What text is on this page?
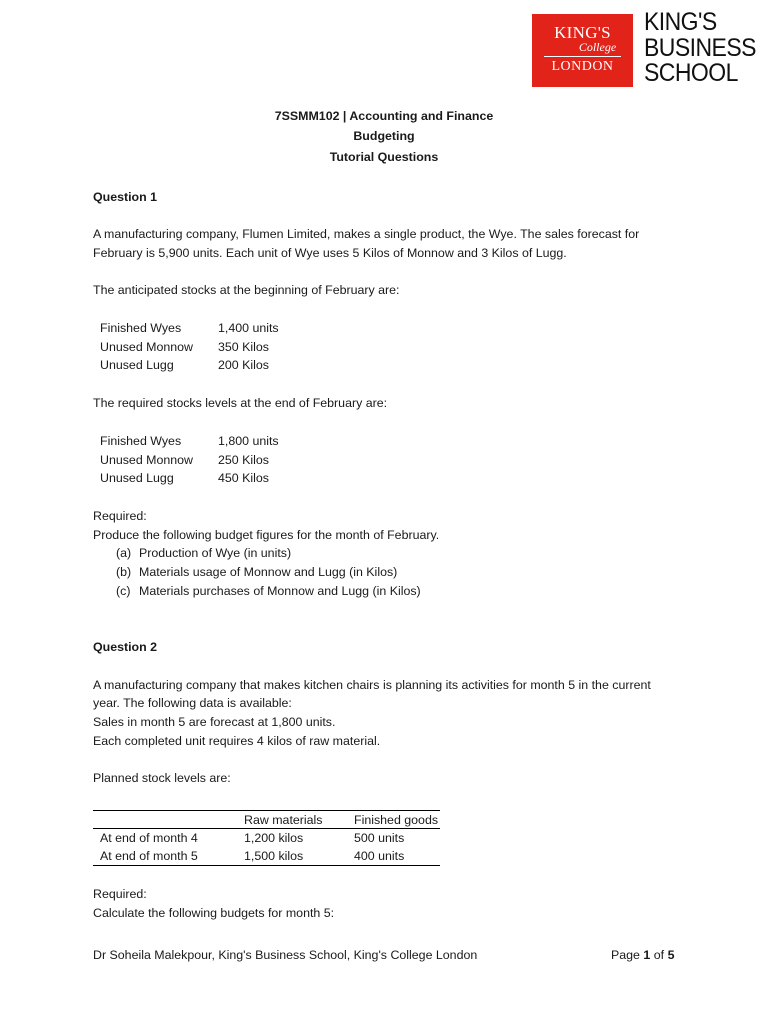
KING'S
College
LONDON
KING'S
BUSINESS
SCHOOL
7SSMM102 | Accounting and Finance
Budgeting
Tutorial Questions
Question 1
A manufacturing company, Flumen Limited, makes a single product, the Wye. The sales forecast for
February is 5,900 units. Each unit of Wye uses 5 Kilos of Monnow and 3 Kilos of Lugg.
The anticipated stocks at the beginning of February are:
Finished Wyes	1,400 units
Unused Monnow 350 Kilos
Unused Lugg	200 Kilos
The required stocks levels at the end of February are:
Finished Wyes	1,800 units
Unused Monnow 250 Kilos
Unused Lugg	450 Kilos
Required:
Produce the following budget figures for the month of February.
(a) Production of Wye (in units)
(b) Materials usage of Monnow and Lugg (in Kilos)
(c) Materials purchases of Monnow and Lugg (in Kilos)
Question 2
A manufacturing company that makes kitchen chairs is planning its activities for month 5 in the current
year. The following data is available:
Sales in month 5 are forecast at 1,800 units.
Each completed unit requires 4 kilos of raw material.
Planned stock levels are:
	Raw materials	Finished goods
At end of month 4	1,200 kilos	500 units
At end of month 5	1,500 kilos	400 units
Required:
Calculate the following budgets for month 5:
Dr Soheila Malekpour, King's Business School, King's College London	Page 1 of 5
